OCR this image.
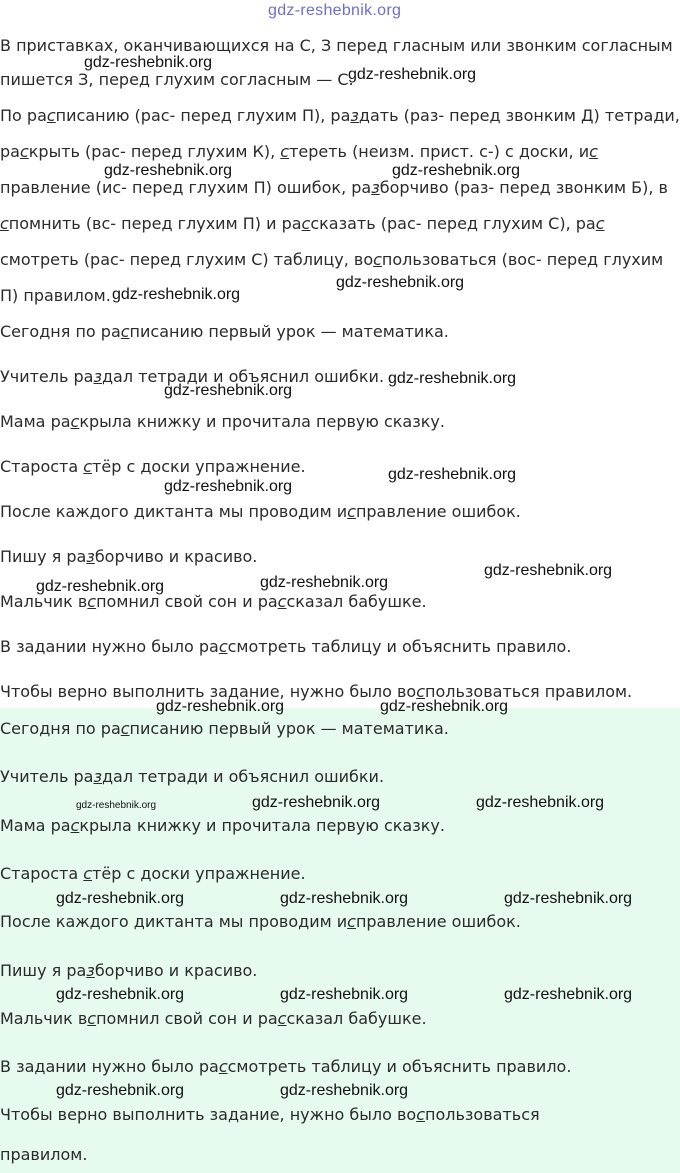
gdz-reshebnik.org
В приставках, оканчивающихся на С, З перед гласным или звонким согласным
пишется З, перед глухим согласным — С.
По расписанию (рас- перед глухим П), раздать (раз- перед звонким Д) тетради,
раскрыть (рас- перед глухим К), стереть (неизм. прист. с-) с доски, ис
правление (ис- перед глухим П) ошибок, разборчиво (раз- перед звонким Б), в
спомнить (вс- перед глухим П) и рассказать (рас- перед глухим С), рас
смотреть (рас- перед глухим С) таблицу, воспользоваться (вос- перед глухим
П) правилом.
Сегодня по расписанию первый урок — математика.
Учитель раздал тетради и объяснил ошибки.
Мама раскрыла книжку и прочитала первую сказку.
Староста стёр с доски упражнение.
После каждого диктанта мы проводим исправление ошибок.
Пишу я разборчиво и красиво.
Мальчик вспомнил свой сон и рассказал бабушке.
В задании нужно было рассмотреть таблицу и объяснить правило.
Чтобы верно выполнить задание, нужно было воспользоваться правилом.
Сегодня по расписанию первый урок — математика.
Учитель раздал тетради и объяснил ошибки.
Мама раскрыла книжку и прочитала первую сказку.
Староста стёр с доски упражнение.
После каждого диктанта мы проводим исправление ошибок.
Пишу я разборчиво и красиво.
Мальчик вспомнил свой сон и рассказал бабушке.
В задании нужно было рассмотреть таблицу и объяснить правило.
Чтобы верно выполнить задание, нужно было воспользоваться
правилом.
gdz-reshebnik.org
gdz-reshebnik.org
gdz-reshebnik.org	gdz-reshebnik.org
gdz-reshebnik.org
gdz-reshebnik.org
gdz-reshebnik.org
gdz-reshebnik.org
gdz-reshebnik.org
gdz-reshebnik.org
gdz-reshebnik.org
gdz-reshebnik.org
gdz-reshebnik.org
gdz-reshebnik.org	gdz-reshebnik.org
gdz-reshebnik.org	gdz-reshebnik.org	gdz-reshebnik.org
gdz-reshebnik.org	gdz-reshebnik.org	gdz-reshebnik.org
gdz-reshebnik.org	gdz-reshebnik.org	gdz-reshebnik.org
gdz-reshebnik.org	gdz-reshebnik.org
